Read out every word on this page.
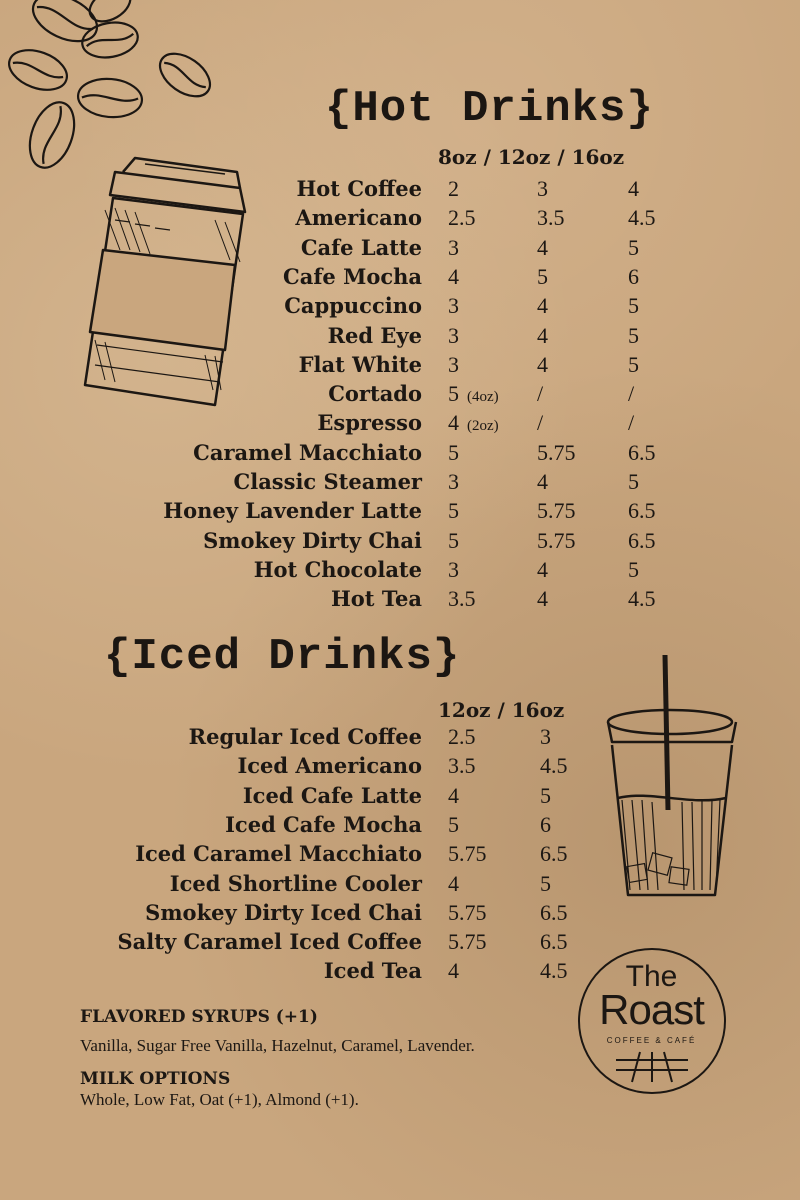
{Hot Drinks}
8oz / 12oz / 16oz
Hot Coffee 2	3	4
Americano 2.5	3.5	4.5
Cafe Latte 3	4	5
Cafe Mocha 4	5	6
Cappuccino 3	4	5
Red Eye 3	4	5
Flat White 3	4	5
Cortado 5 (4oz) /	/
Espresso 4 (2oz) /	/
Caramel Macchiato 5	5.75 6.5
Classic Steamer 3	4	5
Honey Lavender Latte 5	5.75 6.5
Smokey Dirty Chai 5	5.75 6.5
Hot Chocolate 3	4	5
Hot Tea 3.5	4	4.5
{Iced Drinks}
12oz / 16oz
Regular Iced Coffee 2.5	3
Iced Americano 3.5	4.5
Iced Cafe Latte 4	5
Iced Cafe Mocha 5	6
Iced Caramel Macchiato 5.75 6.5
Iced Shortline Cooler 4	5
Smokey Dirty Iced Chai 5.75 6.5
Salty Caramel Iced Coffee 5.75 6.5
Iced Tea 4	4.5
FLAVORED SYRUPS (+1)
Vanilla, Sugar Free Vanilla, Hazelnut, Caramel, Lavender.
MILK OPTIONS
Whole, Low Fat, Oat (+1), Almond (+1).
The
Roast
COFFEE & CAFÉ
